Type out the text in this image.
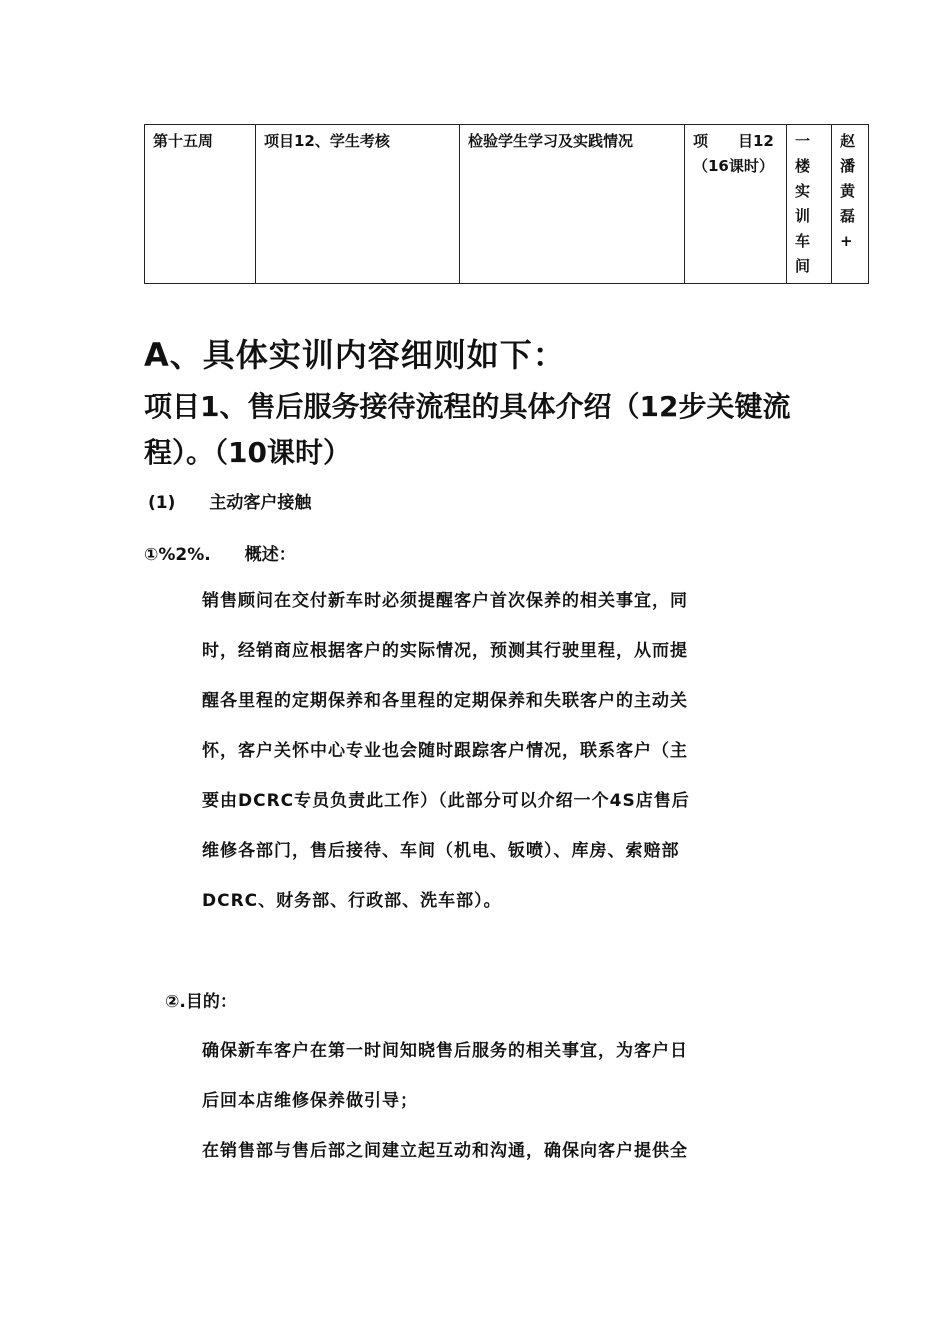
第十五周	项目12、学生考核	检验学生学习及实践情况	项　　目12（16课时）	一楼实训车间	赵潘黄磊+
A、具体实训内容细则如下：
项目1、售后服务接待流程的具体介绍（12步关键流程）。（10课时）

(1)　　主动客户接触

①%2%.　　概述：

销售顾问在交付新车时必须提醒客户首次保养的相关事宜，同
时，经销商应根据客户的实际情况，预测其行驶里程，从而提
醒各里程的定期保养和各里程的定期保养和失联客户的主动关
怀，客户关怀中心专业也会随时跟踪客户情况，联系客户（主
要由DCRC专员负责此工作）（此部分可以介绍一个4S店售后
维修各部门，售后接待、车间（机电、钣喷）、库房、索赔部
DCRC、财务部、行政部、洗车部）。

②.目的：

确保新车客户在第一时间知晓售后服务的相关事宜，为客户日
后回本店维修保养做引导；
在销售部与售后部之间建立起互动和沟通，确保向客户提供全
